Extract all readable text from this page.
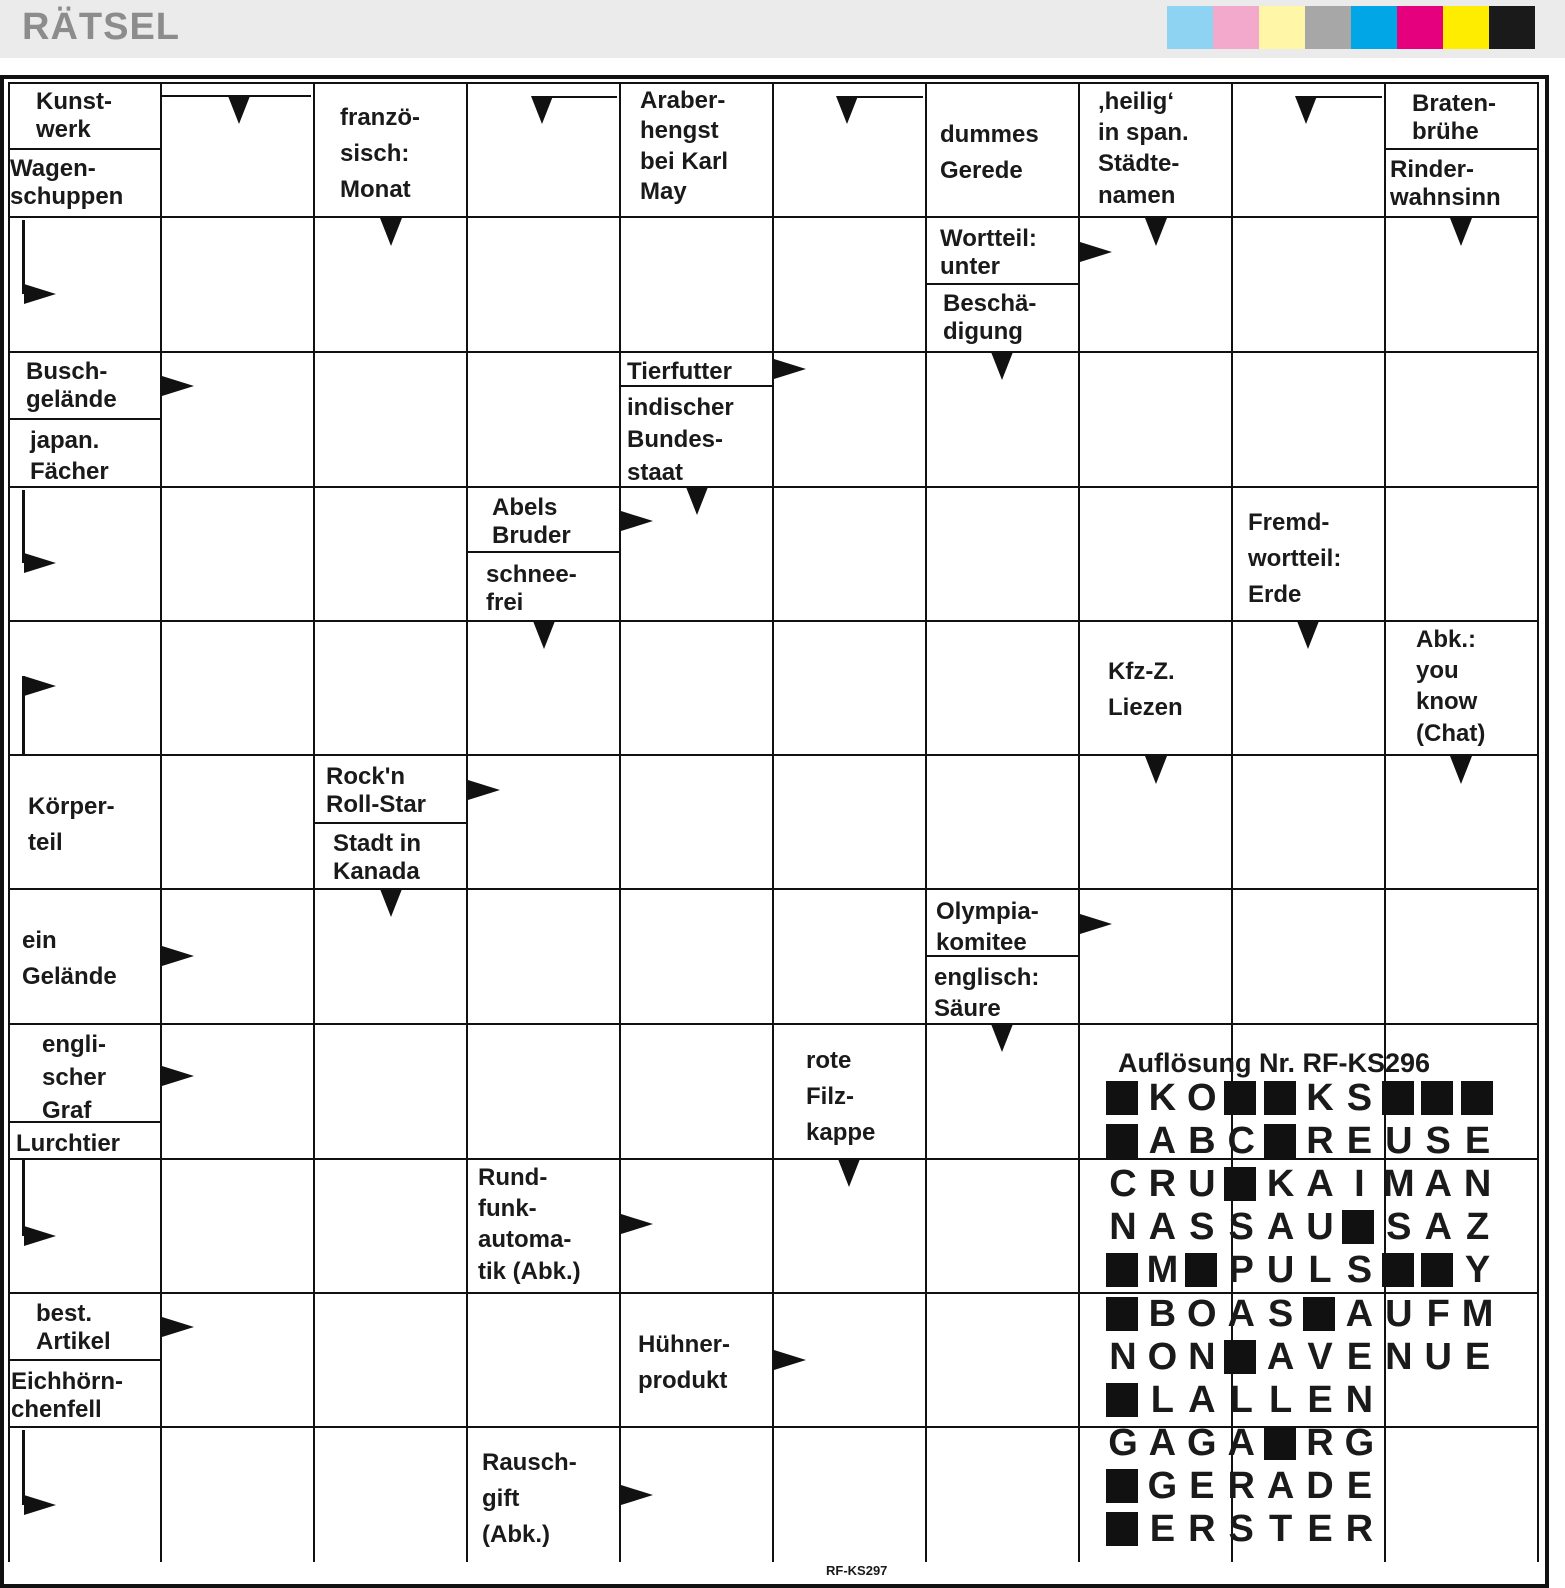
RÄTSEL
Kunst-
werk
Wagen-
schuppen
franzö-
sisch:
Monat
Araber-
hengst
bei Karl
May
dummes
Gerede
‚heilig‘
in span.
Städte-
namen
Braten-
brühe
Rinder-
wahnsinn
Wortteil:
unter
Beschä-
digung
Busch-
gelände
japan.
Fächer
Tierfutter
indischer
Bundes-
staat
Abels
Bruder
schnee-
frei
Fremd-
wortteil:
Erde
Kfz-Z.
Liezen
Abk.:
you
know
(Chat)
Körper-
teil
Rock'n
Roll-Star
Stadt in
Kanada
ein
Gelände
Olympia-
komitee
englisch:
Säure
engli-
scher
Graf
Lurchtier
rote
Filz-
kappe
Rund-
funk-
automa-
tik (Abk.)
best.
Artikel
Eichhörn-
chenfell
Hühner-
produkt
Rausch-
gift
(Abk.)
Auflösung Nr. RF-KS296
K O K S
A B C R E U S E
C R U K A I M A N
N A S S A U S A Z
M P U L S Y
B O A S A U F M
N O N A V E N U E
L A L L E N
G A G A R G
G E R A D E
E R S T E R
RF-KS297
